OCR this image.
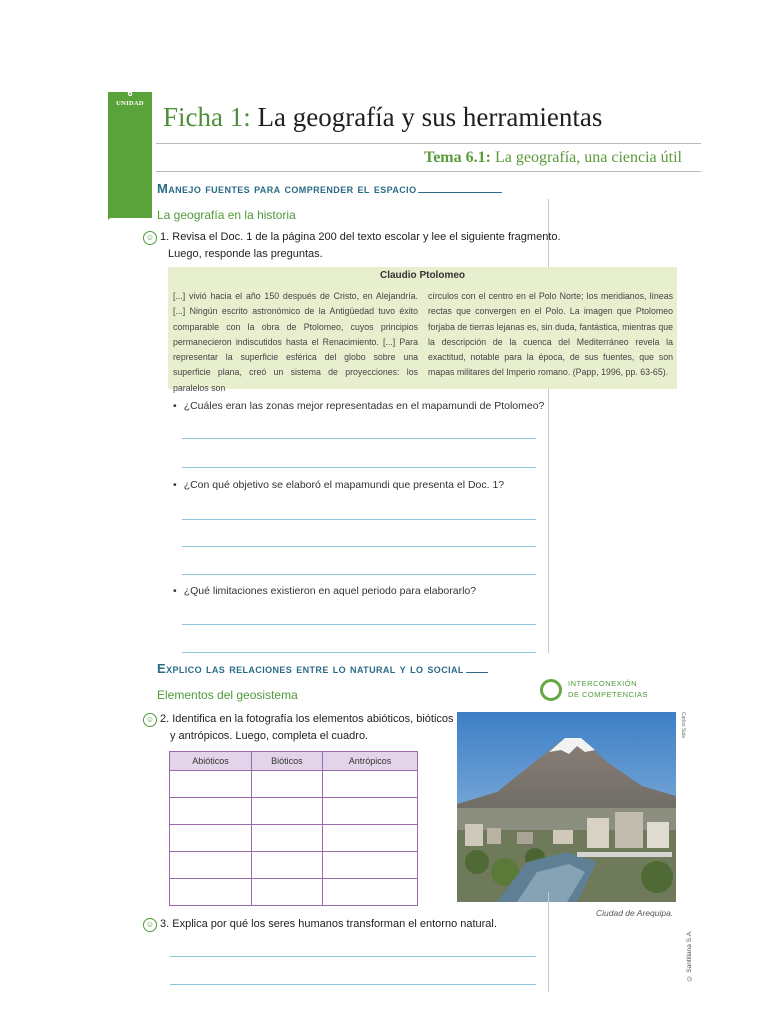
6
UNIDAD Ficha 1: La geografía y sus herramientas
Tema 6.1: La geografía, una ciencia útil
Manejo fuentes para comprender el espacio
La geografía en la historia
☺ 1. Revisa el Doc. 1 de la página 200 del texto escolar y lee el siguiente fragmento.
Luego, responde las preguntas.
Claudio Ptolomeo
[...] vivió hacia el año 150 después de Cristo, en Alejandría. [...] Ningún escrito astronómico de la Antigüedad tuvo éxito comparable con la obra de Ptolomeo, cuyos principios permanecieron indiscutidos hasta el Renacimiento. [...] Para representar la superficie esférica del globo sobre una superficie plana, creó un sistema de proyecciones: los paralelos son
círculos con el centro en el Polo Norte; los meridianos, líneas rectas que convergen en el Polo. La imagen que Ptolomeo forjaba de tierras lejanas es, sin duda, fantástica, mientras que la descripción de la cuenca del Mediterráneo revela la exactitud, notable para la época, de sus fuentes, que son mapas militares del Imperio romano. (Papp, 1996, pp. 63-65).
• ¿Cuáles eran las zonas mejor representadas en el mapamundi de Ptolomeo?
• ¿Con qué objetivo se elaboró el mapamundi que presenta el Doc. 1?
• ¿Qué limitaciones existieron en aquel periodo para elaborarlo?
Explico las relaciones entre lo natural y lo social
Elementos del geosistema
INTERCONEXIÓN
DE COMPETENCIAS
☺ 2. Identifica en la fotografía los elementos abióticos, bióticos
y antrópicos. Luego, completa el cuadro.
Abióticos	Bióticos	Antrópicos

Carlos Sala
Ciudad de Arequipa.
☺ 3. Explica por qué los seres humanos transforman el entorno natural.
© Santillana S.A.
